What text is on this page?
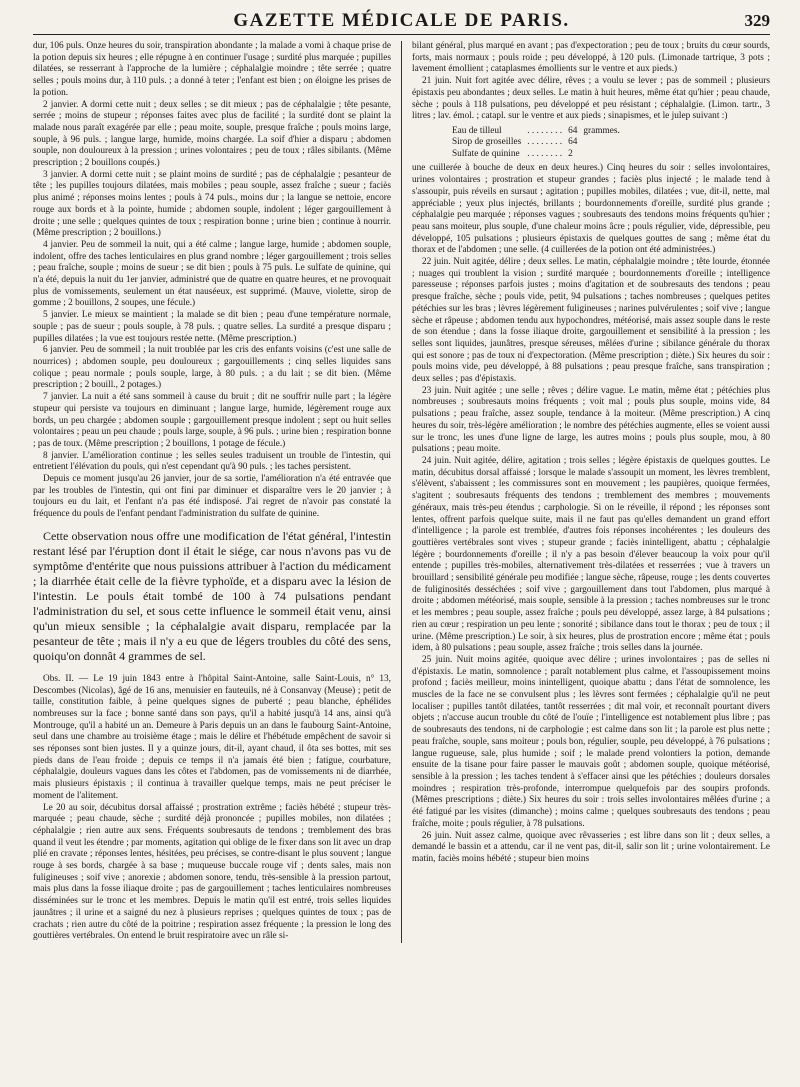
GAZETTE MÉDICALE DE PARIS.	329

dur, 106 puls. Onze heures du soir, transpiration abondante ; la malade a vomi à chaque prise de la potion depuis six heures ; elle répugne à en continuer l'usage ; surdité plus marquée ; pupilles dilatées, se resserrant à l'approche de la lumière ; céphalalgie moindre ; tête serrée ; quatre selles ; pouls moins dur, à 110 puls. ; a donné à teter ; l'enfant est bien ; on éloigne les prises de la potion.

2 janvier. A dormi cette nuit ; deux selles ; se dit mieux ; pas de céphalalgie ; tête pesante, serrée ; moins de stupeur ; réponses faites avec plus de facilité ; la surdité dont se plaint la malade nous paraît exagérée par elle ; peau moite, souple, presque fraîche ; pouls moins large, souple, à 96 puls. ; langue large, humide, moins chargée. La soif d'hier a disparu ; abdomen souple, non douloureux à la pression ; urines volontaires ; peu de toux ; râles sibilants. (Même prescription ; 2 bouillons coupés.)

3 janvier. A dormi cette nuit ; se plaint moins de surdité ; pas de céphalalgie ; pesanteur de tête ; les pupilles toujours dilatées, mais mobiles ; peau souple, assez fraîche ; sueur ; faciès plus animé ; réponses moins lentes ; pouls à 74 puls., moins dur ; la langue se nettoie, encore rouge aux bords et à la pointe, humide ; abdomen souple, indolent ; léger gargouillement à droite ; une selle ; quelques quintes de toux ; respiration bonne ; urine bien ; continue à nourrir. (Même prescription ; 2 bouillons.)

4 janvier. Peu de sommeil la nuit, qui a été calme ; langue large, humide ; abdomen souple, indolent, offre des taches lenticulaires en plus grand nombre ; léger gargouillement ; trois selles ; peau fraîche, souple ; moins de sueur ; se dit bien ; pouls à 75 puls. Le sulfate de quinine, qui n'a été, depuis la nuit du 1er janvier, administré que de quatre en quatre heures, et ne provoquait plus de vomissements, seulement un état nauséeux, est supprimé. (Mauve, violette, sirop de gomme ; 2 bouillons, 2 soupes, une fécule.)

5 janvier. Le mieux se maintient ; la malade se dit bien ; peau d'une température normale, souple ; pas de sueur ; pouls souple, à 78 puls. ; quatre selles. La surdité a presque disparu ; pupilles dilatées ; la vue est toujours restée nette. (Même prescription.)

6 janvier. Peu de sommeil ; la nuit troublée par les cris des enfants voisins (c'est une salle de nourrices) ; abdomen souple, peu douloureux ; gargouillements ; cinq selles liquides sans colique ; peau normale ; pouls souple, large, à 80 puls. ; a du lait ; se dit bien. (Même prescription ; 2 bouill., 2 potages.)

7 janvier. La nuit a été sans sommeil à cause du bruit ; dit ne souffrir nulle part ; la légère stupeur qui persiste va toujours en diminuant ; langue large, humide, légèrement rouge aux bords, un peu chargée ; abdomen souple ; gargouillement presque indolent ; sept ou huit selles volontaires ; peau un peu chaude ; pouls large, souple, à 96 puls. ; urine bien ; respiration bonne ; pas de toux. (Même prescription ; 2 bouillons, 1 potage de fécule.)

8 janvier. L'amélioration continue ; les selles seules traduisent un trouble de l'intestin, qui entretient l'élévation du pouls, qui n'est cependant qu'à 90 puls. ; les taches persistent.

Depuis ce moment jusqu'au 26 janvier, jour de sa sortie, l'amélioration n'a été entravée que par les troubles de l'intestin, qui ont fini par diminuer et disparaître vers le 20 janvier ; à toujours eu du lait, et l'enfant n'a pas été indisposé. J'ai regret de n'avoir pas constaté la fréquence du pouls de l'enfant pendant l'administration du sulfate de quinine.

Cette observation nous offre une modification de l'état général, l'intestin restant lésé par l'éruption dont il était le siége, car nous n'avons pas vu de symptôme d'entérite que nous puissions attribuer à l'action du médicament ; la diarrhée était celle de la fièvre typhoïde, et a disparu avec la lésion de l'intestin. Le pouls était tombé de 100 à 74 pulsations pendant l'administration du sel, et sous cette influence le sommeil était venu, ainsi qu'un mieux sensible ; la céphalalgie avait disparu, remplacée par la pesanteur de tête ; mais il n'y a eu que de légers troubles du côté des sens, quoiqu'on donnât 4 grammes de sel.

Obs. II. — Le 19 juin 1843 entre à l'hôpital Saint-Antoine, salle Saint-Louis, n° 13, Descombes (Nicolas), âgé de 16 ans, menuisier en fauteuils, né à Consanvay (Meuse) ; petit de taille, constitution faible, à peine quelques signes de puberté ; peau blanche, éphélides nombreuses sur la face ; bonne santé dans son pays, qu'il a habité jusqu'à 14 ans, ainsi qu'à Montrouge, qu'il a habité un an. Demeure à Paris depuis un an dans le faubourg Saint-Antoine, seul dans une chambre au troisième étage ; mais le délire et l'hébétude empêchent de savoir si ses réponses sont bien justes. Il y a quinze jours, dit-il, ayant chaud, il ôta ses bottes, mit ses pieds dans de l'eau froide ; depuis ce temps il n'a jamais été bien ; fatigue, courbature, céphalalgie, douleurs vagues dans les côtes et l'abdomen, pas de vomissements ni de diarrhée, mais plusieurs épistaxis ; il continua à travailler quelque temps, mais ne peut préciser le moment de l'alitement.

Le 20 au soir, décubitus dorsal affaissé ; prostration extrême ; faciès hébété ; stupeur très-marquée ; peau chaude, sèche ; surdité déjà prononcée ; pupilles mobiles, non dilatées ; céphalalgie ; rien autre aux sens. Fréquents soubresauts de tendons ; tremblement des bras quand il veut les étendre ; par moments, agitation qui oblige de le fixer dans son lit avec un drap plié en cravate ; réponses lentes, hésitées, peu précises, se contre-disant le plus souvent ; langue rouge à ses bords, chargée à sa base ; muqueuse buccale rouge vif ; dents sales, mais non fuligineuses ; soif vive ; anorexie ; abdomen sonore, tendu, très-sensible à la pression partout, mais plus dans la fosse iliaque droite ; pas de gargouillement ; taches lenticulaires nombreuses disséminées sur le tronc et les membres. Depuis le matin qu'il est entré, trois selles liquides jaunâtres ; il urine et a saigné du nez à plusieurs reprises ; quelques quintes de toux ; pas de crachats ; rien autre du côté de la poitrine ; respiration assez fréquente ; la pression le long des gouttières vertébrales. On entend le bruit respiratoire avec un râle si-

bilant général, plus marqué en avant ; pas d'expectoration ; peu de toux ; bruits du cœur sourds, forts, mais normaux ; pouls roide ; peu développé, à 120 puls. (Limonade tartrique, 3 pots ; lavement émollient ; cataplasmes émollients sur le ventre et aux pieds.)

21 juin. Nuit fort agitée avec délire, rêves ; a voulu se lever ; pas de sommeil ; plusieurs épistaxis peu abondantes ; deux selles. Le matin à huit heures, même état qu'hier ; peau chaude, sèche ; pouls à 118 pulsations, peu développé et peu résistant ; céphalalgie. (Limon. tartr., 3 litres ; lav. émol. ; catapl. sur le ventre et aux pieds ; sinapismes, et le julep suivant :)

Eau de tilleul	. . . . . . . .	64	grammes.
Sirop de groseilles	. . . . . . . .	64	
Sulfate de quinine	. . . . . . . .	2	

une cuillerée à bouche de deux en deux heures.) Cinq heures du soir : selles involontaires, urines volontaires ; prostration et stupeur grandes ; faciès plus injecté ; le malade tend à s'assoupir, puis réveils en sursaut ; agitation ; pupilles mobiles, dilatées ; vue, dit-il, nette, mal appréciable ; yeux plus injectés, brillants ; bourdonnements d'oreille, surdité plus grande ; céphalalgie peu marquée ; réponses vagues ; soubresauts des tendons moins fréquents qu'hier ; peau sans moiteur, plus souple, d'une chaleur moins âcre ; pouls régulier, vide, dépressible, peu développé, 105 pulsations ; plusieurs épistaxis de quelques gouttes de sang ; même état du thorax et de l'abdomen ; une selle. (4 cuillerées de la potion ont été administrées.)

22 juin. Nuit agitée, délire ; deux selles. Le matin, céphalalgie moindre ; tête lourde, étonnée ; nuages qui troublent la vision ; surdité marquée ; bourdonnements d'oreille ; intelligence paresseuse ; réponses parfois justes ; moins d'agitation et de soubresauts des tendons ; peau presque fraîche, sèche ; pouls vide, petit, 94 pulsations ; taches nombreuses ; quelques petites pétéchies sur les bras ; lèvres légèrement fuligineuses ; narines pulvérulentes ; soif vive ; langue sèche et râpeuse ; abdomen tendu aux hypochondres, météorisé, mais assez souple dans le reste de son étendue ; dans la fosse iliaque droite, gargouillement et sensibilité à la pression ; les selles sont liquides, jaunâtres, presque séreuses, mêlées d'urine ; sibilance générale du thorax qui est sonore ; pas de toux ni d'expectoration. (Même prescription ; diète.) Six heures du soir : pouls moins vide, peu développé, à 88 pulsations ; peau presque fraîche, sans transpiration ; deux selles ; pas d'épistaxis.

23 juin. Nuit agitée ; une selle ; rêves ; délire vague. Le matin, même état ; pétéchies plus nombreuses ; soubresauts moins fréquents ; voit mal ; pouls plus souple, moins vide, 84 pulsations ; peau fraîche, assez souple, tendance à la moiteur. (Même prescription.) A cinq heures du soir, très-légère amélioration ; le nombre des pétéchies augmente, elles se voient aussi sur le tronc, les unes d'une ligne de large, les autres moins ; pouls plus souple, mou, à 80 pulsations ; peau moite.

24 juin. Nuit agitée, délire, agitation ; trois selles ; légère épistaxis de quelques gouttes. Le matin, décubitus dorsal affaissé ; lorsque le malade s'assoupit un moment, les lèvres tremblent, s'élèvent, s'abaissent ; les commissures sont en mouvement ; les paupières, quoique fermées, s'agitent ; soubresauts fréquents des tendons ; tremblement des membres ; mouvements généraux, mais très-peu étendus ; carphologie. Si on le réveille, il répond ; les réponses sont lentes, offrent parfois quelque suite, mais il ne faut pas qu'elles demandent un grand effort d'intelligence ; la parole est tremblée, d'autres fois réponses incohérentes ; les douleurs des gouttières vertébrales sont vives ; stupeur grande ; faciès inintelligent, abattu ; céphalalgie légère ; bourdonnements d'oreille ; il n'y a pas besoin d'élever beaucoup la voix pour qu'il entende ; pupilles très-mobiles, alternativement très-dilatées et resserrées ; vue à travers un brouillard ; sensibilité générale peu modifiée ; langue sèche, râpeuse, rouge ; les dents couvertes de fuliginosités desséchées ; soif vive ; gargouillement dans tout l'abdomen, plus marqué à droite ; abdomen météorisé, mais souple, sensible à la pression ; taches nombreuses sur le tronc et les membres ; peau souple, assez fraîche ; pouls peu développé, assez large, à 84 pulsations ; rien au cœur ; respiration un peu lente ; sonorité ; sibilance dans tout le thorax ; peu de toux ; il urine. (Même prescription.) Le soir, à six heures, plus de prostration encore ; même état ; pouls idem, à 80 pulsations ; peau souple, assez fraîche ; trois selles dans la journée.

25 juin. Nuit moins agitée, quoique avec délire ; urines involontaires ; pas de selles ni d'épistaxis. Le matin, somnolence ; paraît notablement plus calme, et l'assoupissement moins profond ; faciès meilleur, moins inintelligent, quoique abattu ; dans l'état de somnolence, les muscles de la face ne se convulsent plus ; les lèvres sont fermées ; céphalalgie qu'il ne peut localiser ; pupilles tantôt dilatées, tantôt resserrées ; dit mal voir, et reconnaît pourtant divers objets ; n'accuse aucun trouble du côté de l'ouïe ; l'intelligence est notablement plus libre ; pas de soubresauts des tendons, ni de carphologie ; est calme dans son lit ; la parole est plus nette ; peau fraîche, souple, sans moiteur ; pouls bon, régulier, souple, peu développé, à 76 pulsations ; langue rugueuse, sale, plus humide ; soif ; le malade prend volontiers la potion, demande ensuite de la tisane pour faire passer le mauvais goût ; abdomen souple, quoique météorisé, sensible à la pression ; les taches tendent à s'effacer ainsi que les pétéchies ; douleurs dorsales moindres ; respiration très-profonde, interrompue quelquefois par des soupirs profonds. (Mêmes prescriptions ; diète.) Six heures du soir : trois selles involontaires mêlées d'urine ; a été fatigué par les visites (dimanche) ; moins calme ; quelques soubresauts des tendons ; peau fraîche, moite ; pouls régulier, à 78 pulsations.

26 juin. Nuit assez calme, quoique avec rêvasseries ; est libre dans son lit ; deux selles, a demandé le bassin et a attendu, car il ne vent pas, dit-il, salir son lit ; urine volontairement. Le matin, faciès moins hébété ; stupeur bien moins
